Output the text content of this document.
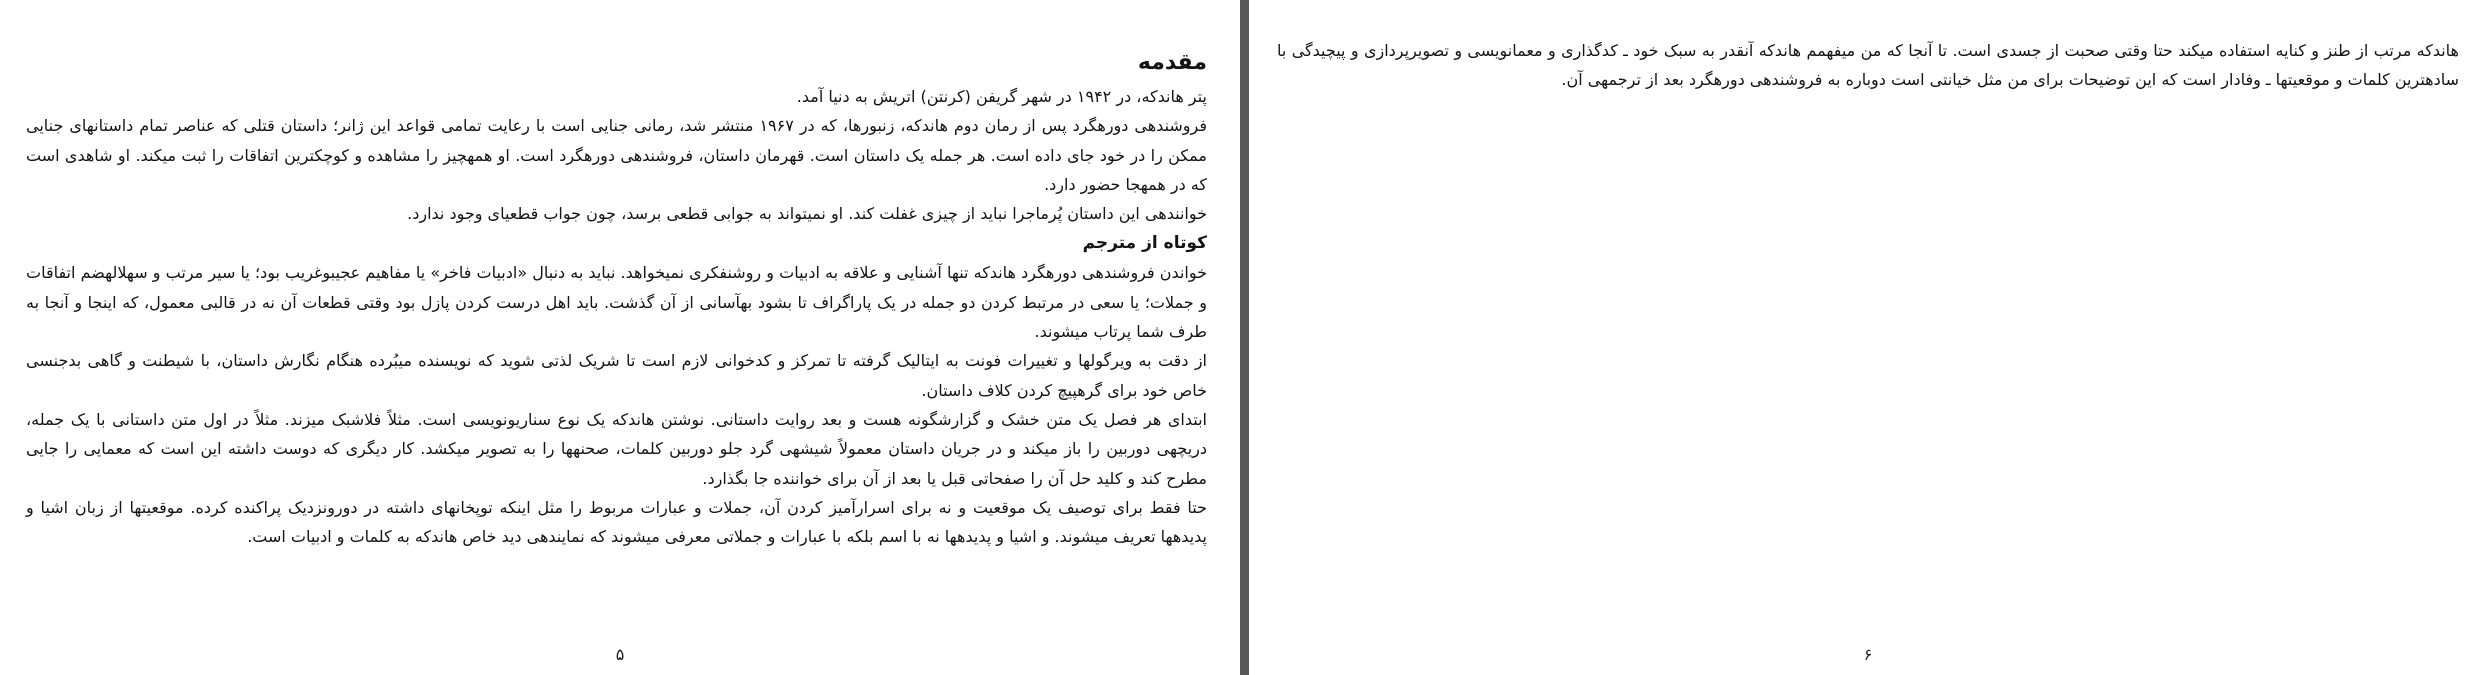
مقدمه

پتر هاندکه، در ۱۹۴۲ در شهر گریفن (کرنتن) اتریش به دنیا آمد.

فروشندهی دورهگرد پس از رمان دوم هاندکه، زنبورها، که در ۱۹۶۷ منتشر شد، رمانی جنایی است با رعایت تمامی قواعد این ژانر؛ داستان قتلی که عناصر تمام داستانهای جنایی ممکن را در خود جای داده است. هر جمله یک داستان است. قهرمان داستان، فروشندهی دورهگرد است. او همهچیز را مشاهده و کوچکترین اتفاقات را ثبت میکند. او شاهدی است که در همهجا حضور دارد.

خوانندهی این داستان پُرماجرا نباید از چیزی غفلت کند. او نمیتواند به جوابی قطعی برسد، چون جواب قطعیای وجود ندارد.

کوتاه از مترجم

خواندن فروشندهی دورهگرد هاندکه تنها آشنایی و علاقه به ادبیات و روشنفکری نمیخواهد. نباید به دنبال «ادبیات فاخر» یا مفاهیم عجیبوغریب بود؛ یا سیر مرتب و سهلالهضم اتفاقات و جملات؛ یا سعی در مرتبط کردن دو جمله در یک پاراگراف تا بشود بهآسانی از آن گذشت. باید اهل درست کردن پازل بود وقتی قطعات آن نه در قالبی معمول، که اینجا و آنجا به طرف شما پرتاب میشوند.

از دقت به ویرگولها و تغییرات فونت به ایتالیک گرفته تا تمرکز و کدخوانی لازم است تا شریک لذتی شوید که نویسنده میبُرده هنگام نگارش داستان، با شیطنت و گاهی بدجنسی خاص خود برای گرهپیچ کردن کلاف داستان.

ابتدای هر فصل یک متن خشک و گزارشگونه هست و بعد روایت داستانی. نوشتن هاندکه یک نوع سناریونویسی است. مثلاً فلاشبک میزند. مثلاً در اول متن داستانی با یک جمله، دریچهی دوربین را باز میکند و در جریان داستان معمولاً شیشهی گرد جلو دوربین کلمات، صحنهها را به تصویر میکشد. کار دیگری که دوست داشته این است که معمایی را جایی مطرح کند و کلید حل آن را صفحاتی قبل یا بعد از آن برای خواننده جا بگذارد.

حتا فقط برای توصیف یک موقعیت و نه برای اسرارآمیز کردن آن، جملات و عبارات مربوط را مثل اینکه توپخانهای داشته در دورونزدیک پراکنده کرده. موقعیتها از زبان اشیا و پدیدهها تعریف میشوند. و اشیا و پدیدهها نه با اسم بلکه با عبارات و جملاتی معرفی میشوند که نمایندهی دید خاص هاندکه به کلمات و ادبیات است.

۵

هاندکه مرتب از طنز و کنایه استفاده میکند حتا وقتی صحبت از جسدی است. تا آنجا که من میفهمم هاندکه آنقدر به سبک خود ـ کدگذاری و معمانویسی و تصویرپردازی و پیچیدگی با سادهترین کلمات و موقعیتها ـ وفادار است که این توضیحات برای من مثل خیانتی است دوباره به فروشندهی دورهگرد بعد از ترجمهی آن.

۶
